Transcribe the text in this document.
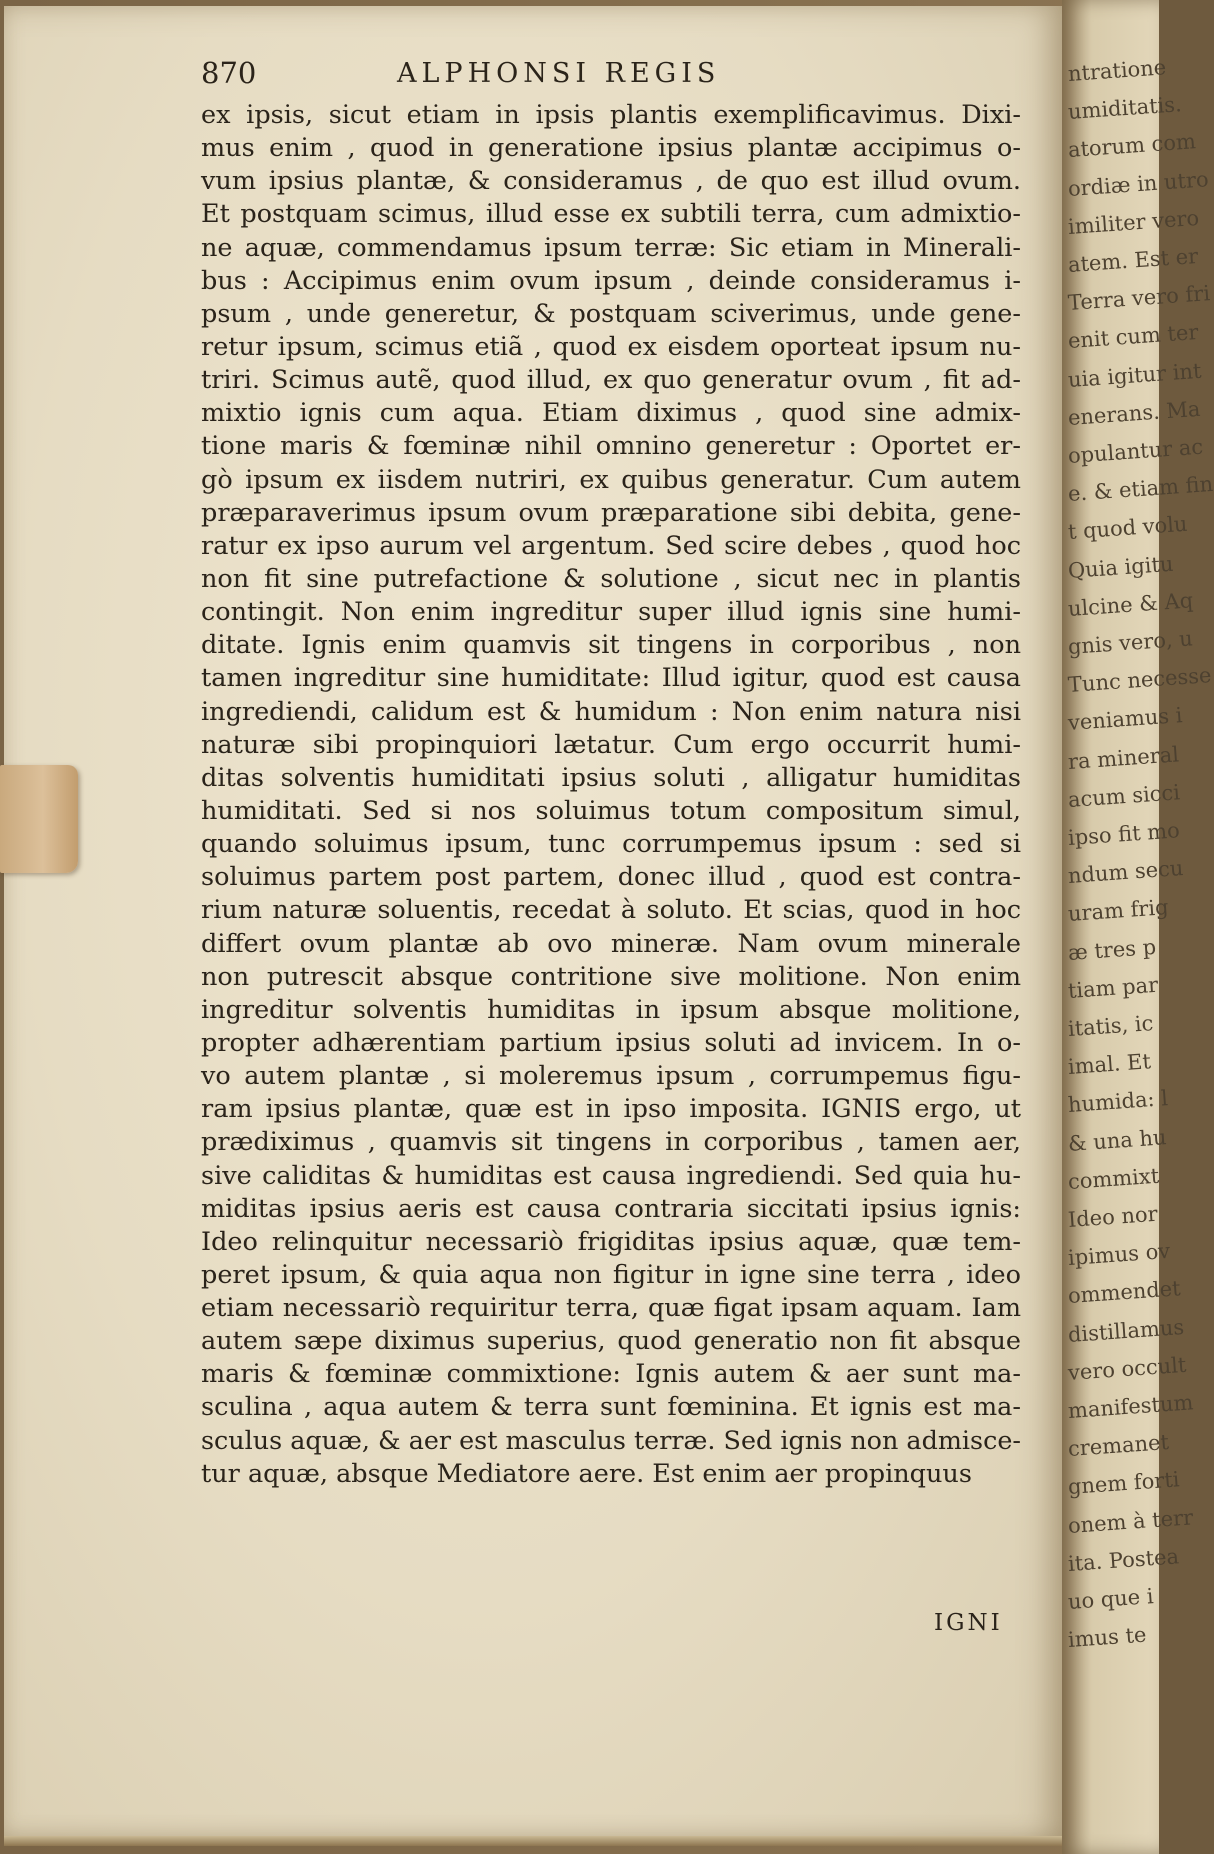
870	ALPHONSI REGIS
ex ipsis, sicut etiam in ipsis plantis exemplificavimus. Dixi-
mus enim , quod in generatione ipsius plantæ accipimus o-
vum ipsius plantæ, & consideramus , de quo est illud ovum.
Et postquam scimus, illud esse ex subtili terra, cum admixtio-
ne aquæ, commendamus ipsum terræ: Sic etiam in Minerali-
bus : Accipimus enim ovum ipsum , deinde consideramus i-
psum , unde generetur, & postquam sciverimus, unde gene-
retur ipsum, scimus etiã , quod ex eisdem oporteat ipsum nu-
triri. Scimus autẽ, quod illud, ex quo generatur ovum , fit ad-
mixtio ignis cum aqua. Etiam diximus , quod sine admix-
tione maris & fœminæ nihil omnino generetur : Oportet er-
gò ipsum ex iisdem nutriri, ex quibus generatur. Cum autem
præparaverimus ipsum ovum præparatione sibi debita, gene-
ratur ex ipso aurum vel argentum. Sed scire debes , quod hoc
non fit sine putrefactione & solutione , sicut nec in plantis
contingit. Non enim ingreditur super illud ignis sine humi-
ditate. Ignis enim quamvis sit tingens in corporibus , non
tamen ingreditur sine humiditate: Illud igitur, quod est causa
ingrediendi, calidum est & humidum : Non enim natura nisi
naturæ sibi propinquiori lætatur. Cum ergo occurrit humi-
ditas solventis humiditati ipsius soluti , alligatur humiditas
humiditati. Sed si nos soluimus totum compositum simul,
quando soluimus ipsum, tunc corrumpemus ipsum : sed si
soluimus partem post partem, donec illud , quod est contra-
rium naturæ soluentis, recedat à soluto. Et scias, quod in hoc
differt ovum plantæ ab ovo mineræ. Nam ovum minerale
non putrescit absque contritione sive molitione. Non enim
ingreditur solventis humiditas in ipsum absque molitione,
propter adhærentiam partium ipsius soluti ad invicem. In o-
vo autem plantæ , si moleremus ipsum , corrumpemus figu-
ram ipsius plantæ, quæ est in ipso imposita. IGNIS ergo, ut
prædiximus , quamvis sit tingens in corporibus , tamen aer,
sive caliditas & humiditas est causa ingrediendi. Sed quia hu-
miditas ipsius aeris est causa contraria siccitati ipsius ignis:
Ideo relinquitur necessariò frigiditas ipsius aquæ, quæ tem-
peret ipsum, & quia aqua non figitur in igne sine terra , ideo
etiam necessariò requiritur terra, quæ figat ipsam aquam. Iam
autem sæpe diximus superius, quod generatio non fit absque
maris & fœminæ commixtione: Ignis autem & aer sunt ma-
sculina , aqua autem & terra sunt fœminina. Et ignis est ma-
sculus aquæ, & aer est masculus terræ. Sed ignis non admisce-
tur aquæ, absque Mediatore aere. Est enim aer propinquus
IGNI
ntratione
umiditatis.
atorum com
ordiæ in utro
imiliter vero
atem. Est er
Terra vero fri
enit cum ter
uia igitur int
enerans. Ma
opulantur ac
e. & etiam fin
t quod volu
Quia igitu
ulcine & Aq
gnis vero, u
Tunc necesse
veniamus i
ra mineral
acum sicci
ipso fit mo
ndum secu
uram frig
æ tres p
tiam par
itatis, ic
imal. Et
humida: l
& una hu
commixt
Ideo nor
ipimus ov
ommendet
distillamus
vero occult
manifestum
cremanet
gnem forti
onem à terr
ita. Postea
uo que i
imus te
